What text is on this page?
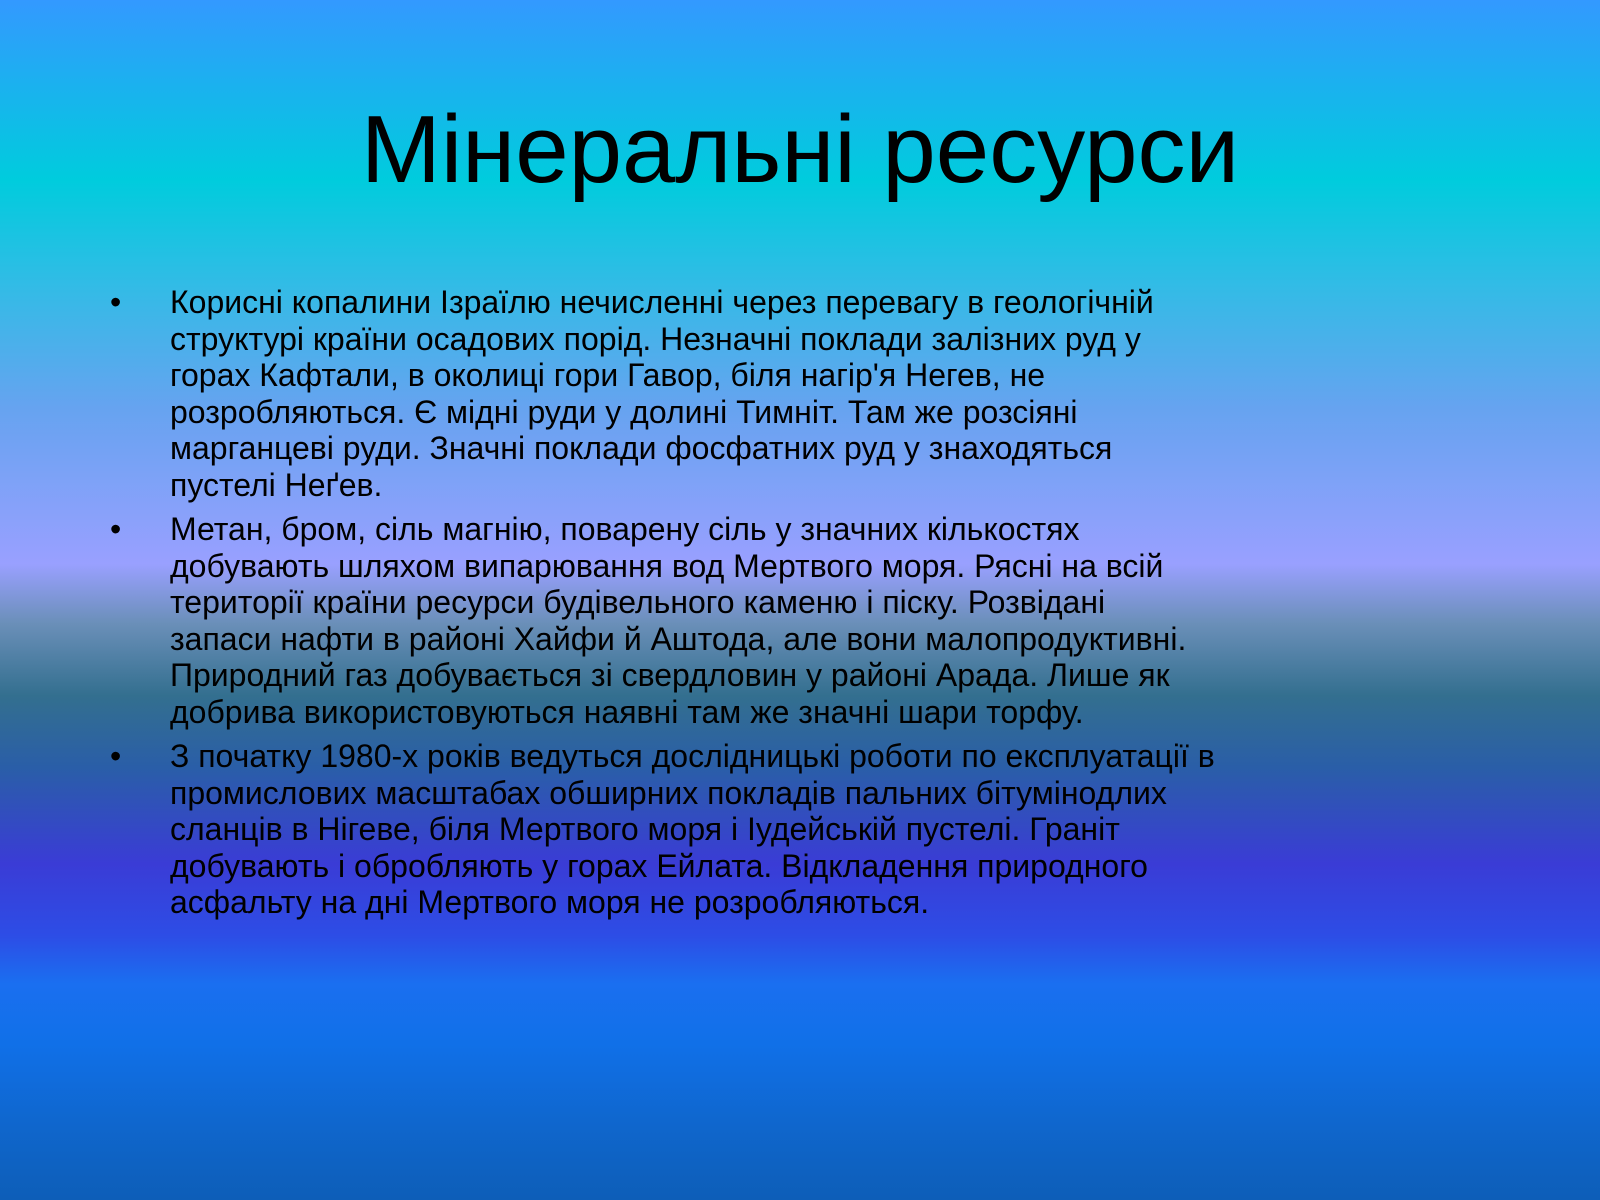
Мінеральні ресурси
•	Корисні копалини Ізраїлю нечисленні через перевагу в геологічній
структурі країни осадових порід. Незначні поклади залізних руд у
горах Кафтали, в околиці гори Гавор, біля нагір'я Негев, не
розробляються. Є мідні руди у долині Тимніт. Там же розсіяні
марганцеві руди. Значні поклади фосфатних руд у знаходяться
пустелі Неґев.
•	Метан, бром, сіль магнію, поварену сіль у значних кількостях
добувають шляхом випарювання вод Мертвого моря. Рясні на всій
території країни ресурси будівельного каменю і піску. Розвідані
запаси нафти в районі Хайфи й Аштода, але вони малопродуктивні.
Природний газ добувається зі свердловин у районі Арада. Лише як
добрива використовуються наявні там же значні шари торфу.
•	З початку 1980-х років ведуться дослідницькі роботи по експлуатації в
промислових масштабах обширних покладів пальних бітумінодлих
сланців в Нігеве, біля Мертвого моря і Іудейській пустелі. Граніт
добувають і обробляють у горах Ейлата. Відкладення природного
асфальту на дні Мертвого моря не розробляються.
